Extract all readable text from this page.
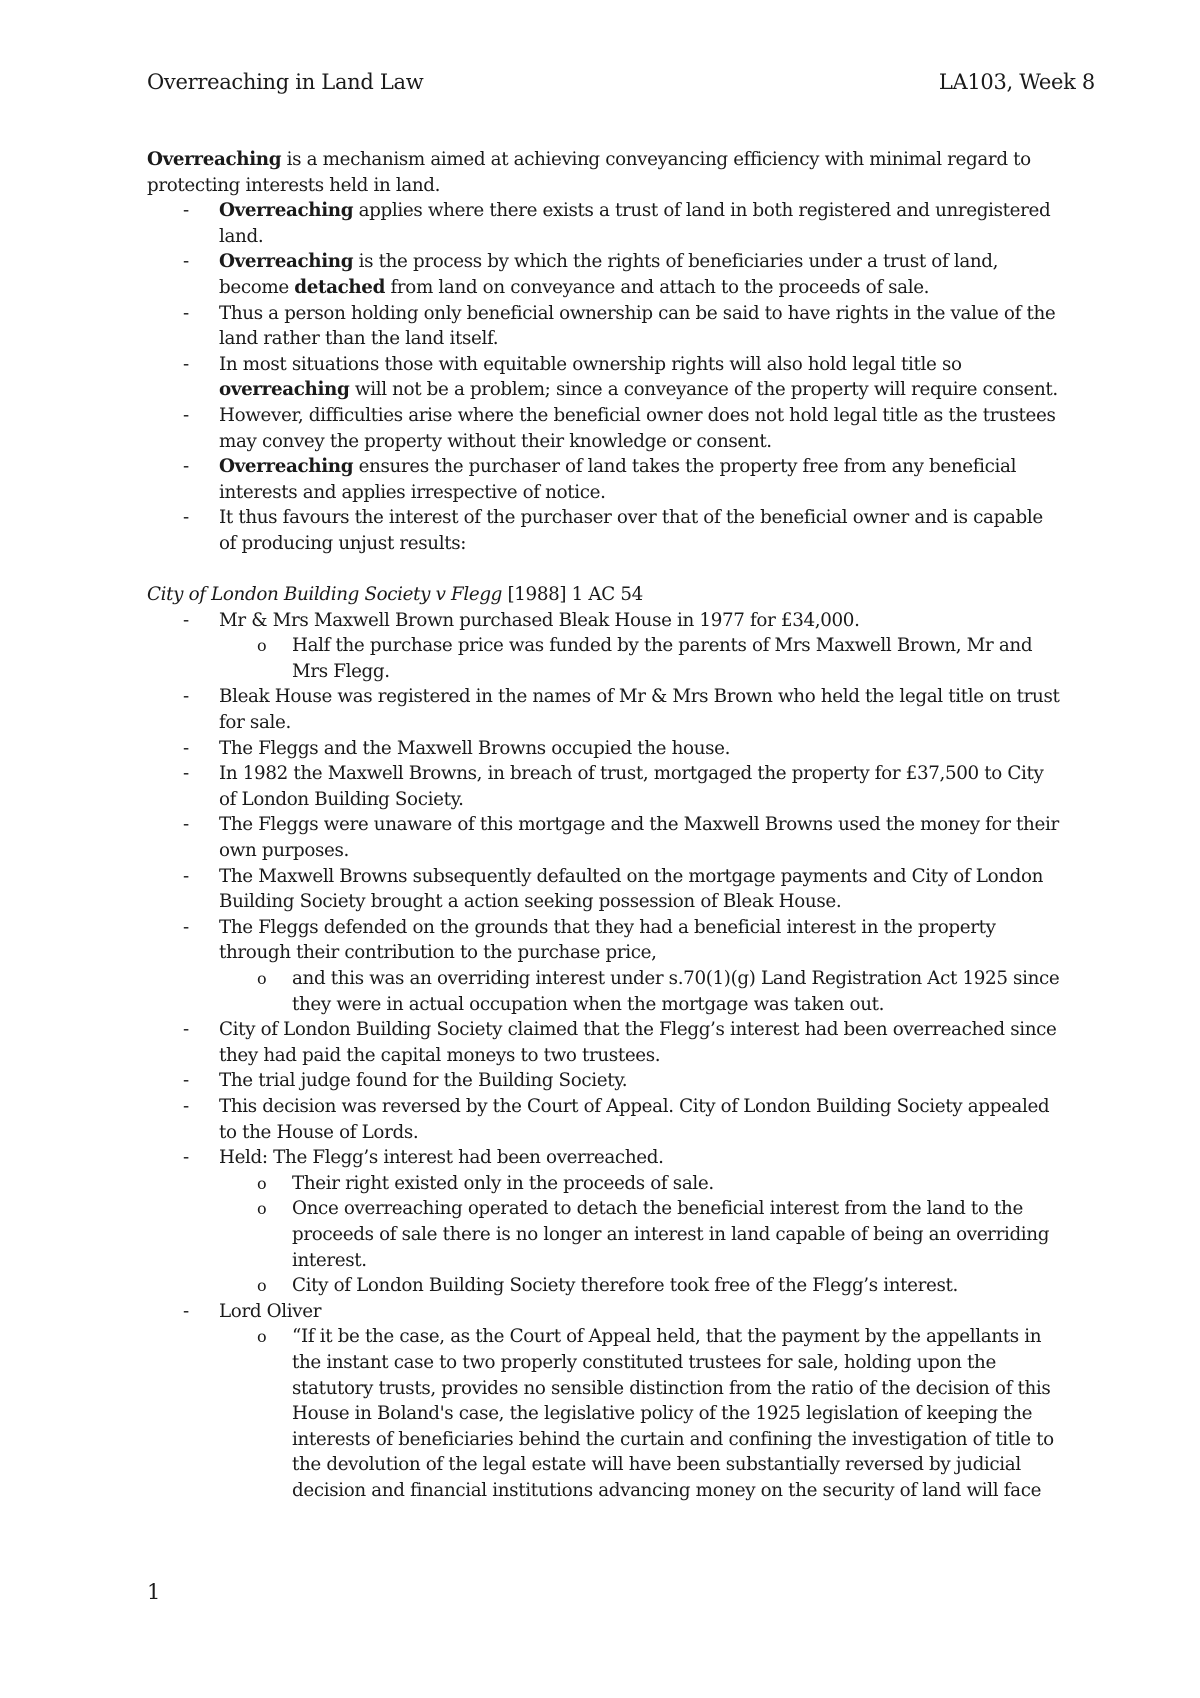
Overreaching in Land Law	LA103, Week 8

Overreaching is a mechanism aimed at achieving conveyancing efficiency with minimal regard to protecting interests held in land.

- Overreaching applies where there exists a trust of land in both registered and unregistered land.
- Overreaching is the process by which the rights of beneficiaries under a trust of land, become detached from land on conveyance and attach to the proceeds of sale.
- Thus a person holding only beneficial ownership can be said to have rights in the value of the land rather than the land itself.
- In most situations those with equitable ownership rights will also hold legal title so overreaching will not be a problem; since a conveyance of the property will require consent.
- However, difficulties arise where the beneficial owner does not hold legal title as the trustees may convey the property without their knowledge or consent.
- Overreaching ensures the purchaser of land takes the property free from any beneficial interests and applies irrespective of notice.
- It thus favours the interest of the purchaser over that of the beneficial owner and is capable of producing unjust results:

City of London Building Society v Flegg [1988] 1 AC 54

- Mr & Mrs Maxwell Brown purchased Bleak House in 1977 for £34,000.
o Half the purchase price was funded by the parents of Mrs Maxwell Brown, Mr and Mrs Flegg.
- Bleak House was registered in the names of Mr & Mrs Brown who held the legal title on trust for sale.
- The Fleggs and the Maxwell Browns occupied the house.
- In 1982 the Maxwell Browns, in breach of trust, mortgaged the property for £37,500 to City of London Building Society.
- The Fleggs were unaware of this mortgage and the Maxwell Browns used the money for their own purposes.
- The Maxwell Browns subsequently defaulted on the mortgage payments and City of London Building Society brought a action seeking possession of Bleak House.
- The Fleggs defended on the grounds that they had a beneficial interest in the property through their contribution to the purchase price,
o and this was an overriding interest under s.70(1)(g) Land Registration Act 1925 since they were in actual occupation when the mortgage was taken out.
- City of London Building Society claimed that the Flegg’s interest had been overreached since they had paid the capital moneys to two trustees.
- The trial judge found for the Building Society.
- This decision was reversed by the Court of Appeal. City of London Building Society appealed to the House of Lords.
- Held: The Flegg’s interest had been overreached.
o Their right existed only in the proceeds of sale.
o Once overreaching operated to detach the beneficial interest from the land to the proceeds of sale there is no longer an interest in land capable of being an overriding interest.
o City of London Building Society therefore took free of the Flegg’s interest.
- Lord Oliver
o “If it be the case, as the Court of Appeal held, that the payment by the appellants in the instant case to two properly constituted trustees for sale, holding upon the statutory trusts, provides no sensible distinction from the ratio of the decision of this House in Boland's case, the legislative policy of the 1925 legislation of keeping the interests of beneficiaries behind the curtain and confining the investigation of title to the devolution of the legal estate will have been substantially reversed by judicial decision and financial institutions advancing money on the security of land will face
1
